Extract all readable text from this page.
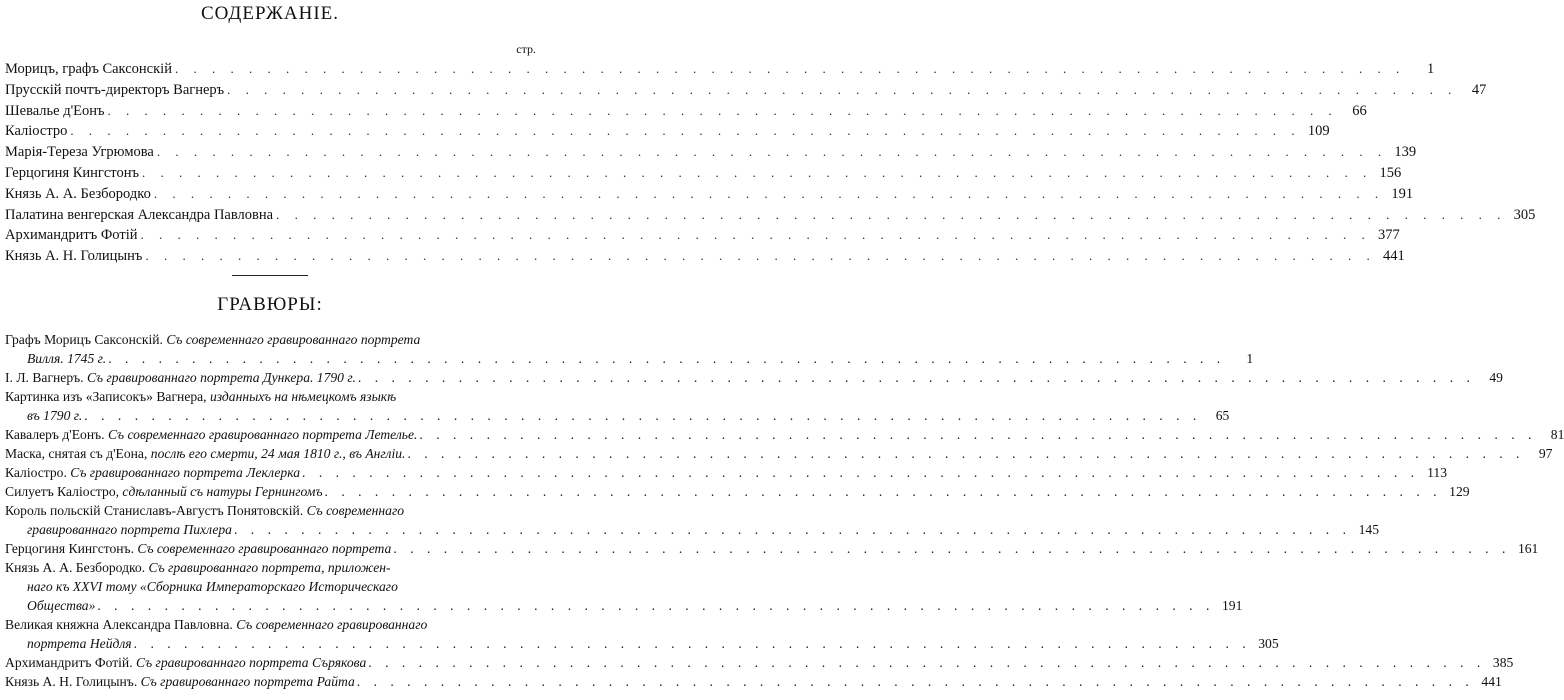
СОДЕРЖАНIЕ.
стр.
Морицъ, графъ Саксонскій . . . . . . . . . . . . . . . . . . . . . . . . . . . . . . . . . . . . . . . . . . . . . . . . . . . . . . . . . . . . . . . . . . .	1
Прусскій почтъ-директоръ Вагнеръ . . . . . . . . . . . . . . . . . . . . . . . . . . . . . . . . . . . . . . . . . . . . . . . . . . . . . . . . . . . . . . . . . . .	47
Шевалье д'Еонъ . . . . . . . . . . . . . . . . . . . . . . . . . . . . . . . . . . . . . . . . . . . . . . . . . . . . . . . . . . . . . . . . . . .	66
Калiостро . . . . . . . . . . . . . . . . . . . . . . . . . . . . . . . . . . . . . . . . . . . . . . . . . . . . . . . . . . . . . . . . . . . 109
Марія-Тереза Угрюмова . . . . . . . . . . . . . . . . . . . . . . . . . . . . . . . . . . . . . . . . . . . . . . . . . . . . . . . . . . . . . . . . . . . 139
Герцогиня Кингстонъ . . . . . . . . . . . . . . . . . . . . . . . . . . . . . . . . . . . . . . . . . . . . . . . . . . . . . . . . . . . . . . . . . . . 156
Князь А. А. Безбородко . . . . . . . . . . . . . . . . . . . . . . . . . . . . . . . . . . . . . . . . . . . . . . . . . . . . . . . . . . . . . . . . . . . 191
Палатина венгерская Александра Павловна . . . . . . . . . . . . . . . . . . . . . . . . . . . . . . . . . . . . . . . . . . . . . . . . . . . . . . . . . . . . . . . . . . . 305
Архимандритъ Фотій . . . . . . . . . . . . . . . . . . . . . . . . . . . . . . . . . . . . . . . . . . . . . . . . . . . . . . . . . . . . . . . . . . . 377
Князь А. Н. Голицынъ . . . . . . . . . . . . . . . . . . . . . . . . . . . . . . . . . . . . . . . . . . . . . . . . . . . . . . . . . . . . . . . . . . . 441
ГРАВЮРЫ:
Графъ Морицъ Саксонскій.
Съ современнаго гравированнаго портрета
Вилля. 1745 г. . . . . . . . . . . . . . . . . . . . . . . . . . . . . . . . . . . . . . . . . . . . . . . . . . . . . . . . . . . . . . . . . . . .	1
І. Л. Вагнеръ.
Съ гравированнаго портрета Дункера. 1790 г. . . . . . . . . . . . . . . . . . . . . . . . . . . . . . . . . . . . . . . . . . . . . . . . . . . . . . . . . . . . . . . . . . . .	49
Картинка изъ «Записокъ» Вагнера,
изданныхъ на нѣмецкомъ языкѣ
въ 1790 г. . . . . . . . . . . . . . . . . . . . . . . . . . . . . . . . . . . . . . . . . . . . . . . . . . . . . . . . . . . . . . . . . . . .	65
Кавалеръ д'Еонъ.
Съ современнаго гравированнаго портрета Летелье. . . . . . . . . . . . . . . . . . . . . . . . . . . . . . . . . . . . . . . . . . . . . . . . . . . . . . . . . . . . . . . . . . . .	81
Маска, снятая съ д'Еона,
послѣ его смерти, 24 мая 1810 г., въ Англіи. . . . . . . . . . . . . . . . . . . . . . . . . . . . . . . . . . . . . . . . . . . . . . . . . . . . . . . . . . . . . . . . . . . .	97
Калiостро.
Съ гравированнаго портрета Леклерка . . . . . . . . . . . . . . . . . . . . . . . . . . . . . . . . . . . . . . . . . . . . . . . . . . . . . . . . . . . . . . . . . . . 113
Силуетъ Калiостро,
сдѣланный съ натуры Гернингомъ . . . . . . . . . . . . . . . . . . . . . . . . . . . . . . . . . . . . . . . . . . . . . . . . . . . . . . . . . . . . . . . . . . . 129
Король польскій Станиславъ-Августъ Понятовскій.
Съ современнаго
гравированнаго портрета Пихлера . . . . . . . . . . . . . . . . . . . . . . . . . . . . . . . . . . . . . . . . . . . . . . . . . . . . . . . . . . . . . . . . . . . 145
Герцогиня Кингстонъ.
Съ современнаго гравированнаго портрета . . . . . . . . . . . . . . . . . . . . . . . . . . . . . . . . . . . . . . . . . . . . . . . . . . . . . . . . . . . . . . . . . . . 161
Князь А. А. Безбородко.
Съ гравированнаго портрета, приложен-
наго къ XXVI тому «Сборника Императорскаго Историческаго
Общества» . . . . . . . . . . . . . . . . . . . . . . . . . . . . . . . . . . . . . . . . . . . . . . . . . . . . . . . . . . . . . . . . . . . 191
Великая княжна Александра Павловна.
Съ современнаго гравированнаго
портрета Нейдля . . . . . . . . . . . . . . . . . . . . . . . . . . . . . . . . . . . . . . . . . . . . . . . . . . . . . . . . . . . . . . . . . . . 305
Архимандритъ Фотій.
Съ гравированнаго портрета Сърякова . . . . . . . . . . . . . . . . . . . . . . . . . . . . . . . . . . . . . . . . . . . . . . . . . . . . . . . . . . . . . . . . . . . 385
Князь А. Н. Голицынъ.
Съ гравированнаго портрета Райта . . . . . . . . . . . . . . . . . . . . . . . . . . . . . . . . . . . . . . . . . . . . . . . . . . . . . . . . . . . . . . . . . . . 441
